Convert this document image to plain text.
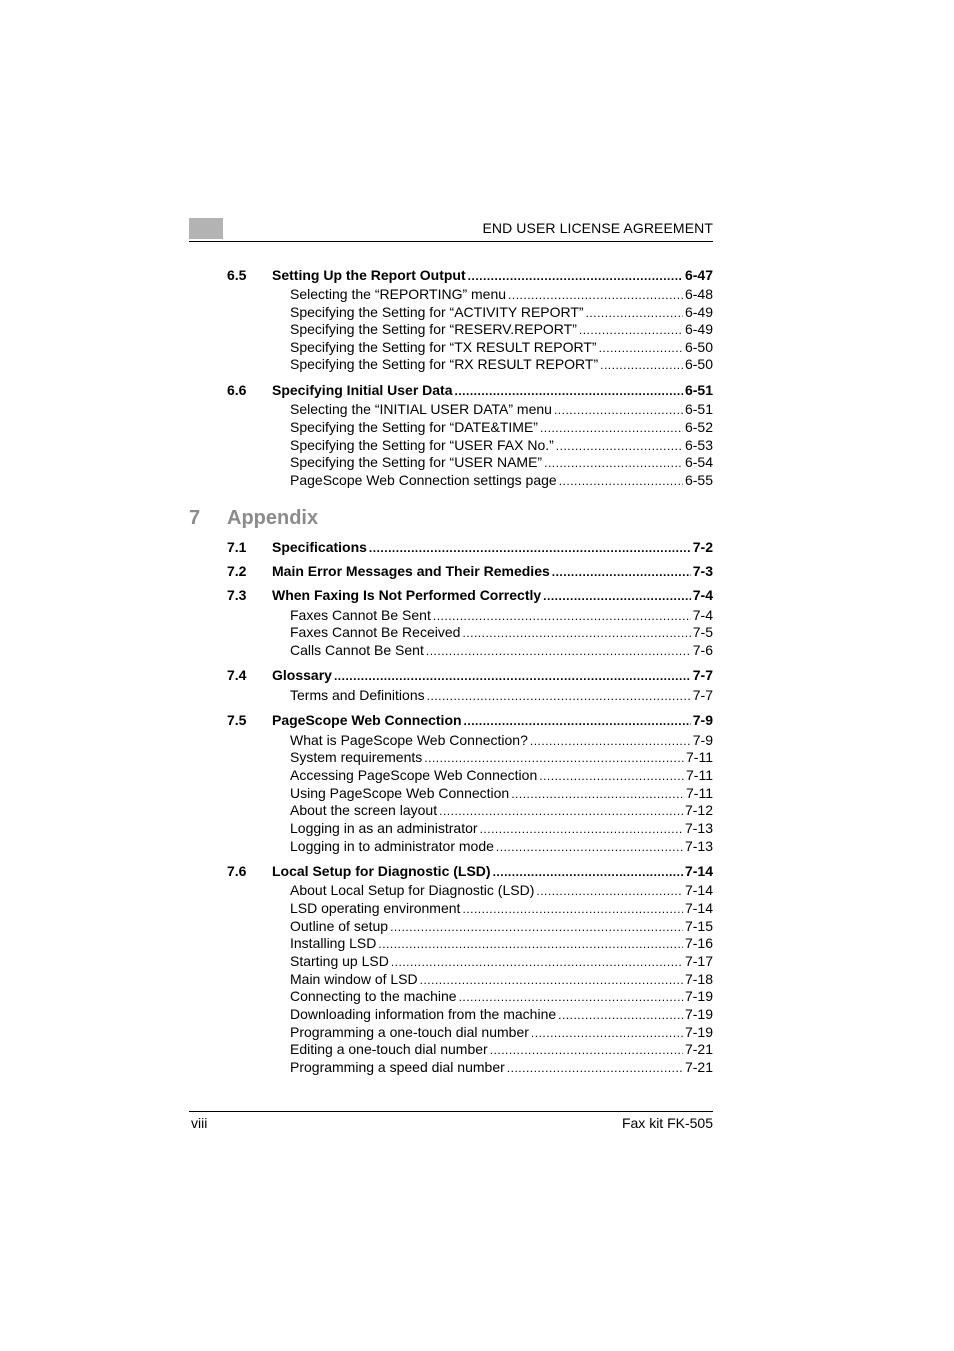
END USER LICENSE AGREEMENT
6.5 Setting Up the Report Output .....	6-47
Selecting the “REPORTING” menu .....	6-48
Specifying the Setting for “ACTIVITY REPORT” .....	6-49
Specifying the Setting for “RESERV.REPORT” .....	6-49
Specifying the Setting for “TX RESULT REPORT” .....	6-50
Specifying the Setting for “RX RESULT REPORT” .....	6-50
6.6 Specifying Initial User Data .....	6-51
Selecting the “INITIAL USER DATA” menu .....	6-51
Specifying the Setting for “DATE&TIME” .....	6-52
Specifying the Setting for “USER FAX No.” .....	6-53
Specifying the Setting for “USER NAME” .....	6-54
PageScope Web Connection settings page .....	6-55
7.1 Specifications .....	7-2
7.2 Main Error Messages and Their Remedies .....	7-3
7.3 When Faxing Is Not Performed Correctly .....	7-4
Faxes Cannot Be Sent .....	7-4
Faxes Cannot Be Received .....	7-5
Calls Cannot Be Sent .....	7-6
7.4 Glossary .....	7-7
Terms and Definitions .....	7-7
7.5 PageScope Web Connection .....	7-9
What is PageScope Web Connection? .....	7-9
System requirements .....	7-11
Accessing PageScope Web Connection .....	7-11
Using PageScope Web Connection .....	7-11
About the screen layout .....	7-12
Logging in as an administrator .....	7-13
Logging in to administrator mode .....	7-13
7.6 Local Setup for Diagnostic (LSD) .....	7-14
About Local Setup for Diagnostic (LSD) .....	7-14
LSD operating environment .....	7-14
Outline of setup .....	7-15
Installing LSD .....	7-16
Starting up LSD .....	7-17
Main window of LSD .....	7-18
Connecting to the machine .....	7-19
Downloading information from the machine .....	7-19
Programming a one-touch dial number .....	7-19
Editing a one-touch dial number .....	7-21
Programming a speed dial number .....	7-21
7 Appendix
viii	Fax kit FK-505
